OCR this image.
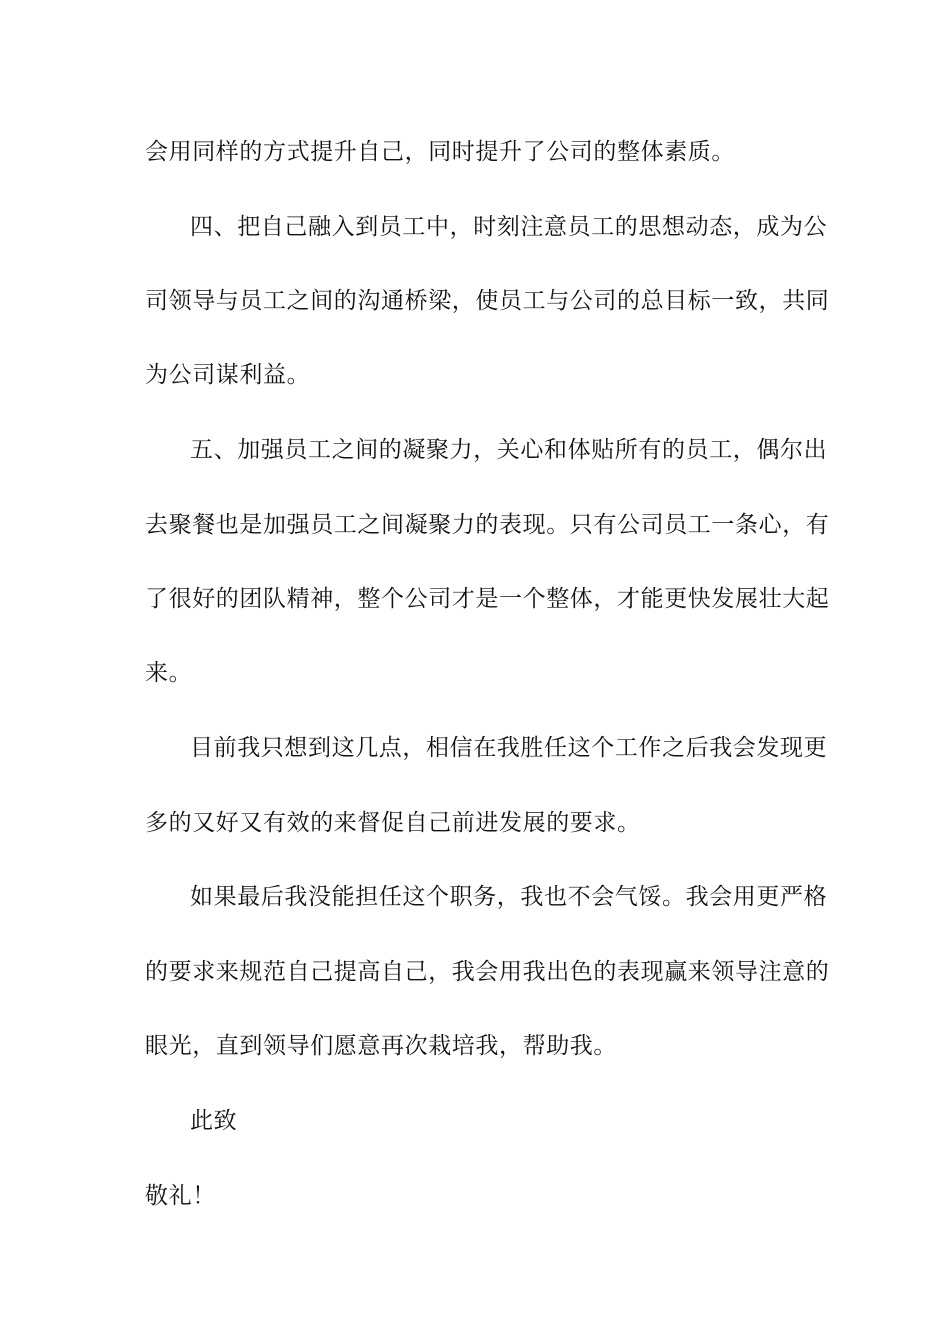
会用同样的方式提升自己，同时提升了公司的整体素质。
四、把自己融入到员工中，时刻注意员工的思想动态，成为公
司领导与员工之间的沟通桥梁，使员工与公司的总目标一致，共同
为公司谋利益。
五、加强员工之间的凝聚力，关心和体贴所有的员工，偶尔出
去聚餐也是加强员工之间凝聚力的表现。只有公司员工一条心，有
了很好的团队精神，整个公司才是一个整体，才能更快发展壮大起
来。
目前我只想到这几点，相信在我胜任这个工作之后我会发现更
多的又好又有效的来督促自己前进发展的要求。
如果最后我没能担任这个职务，我也不会气馁。我会用更严格
的要求来规范自己提高自己，我会用我出色的表现赢来领导注意的
眼光，直到领导们愿意再次栽培我，帮助我。
此致
敬礼！
